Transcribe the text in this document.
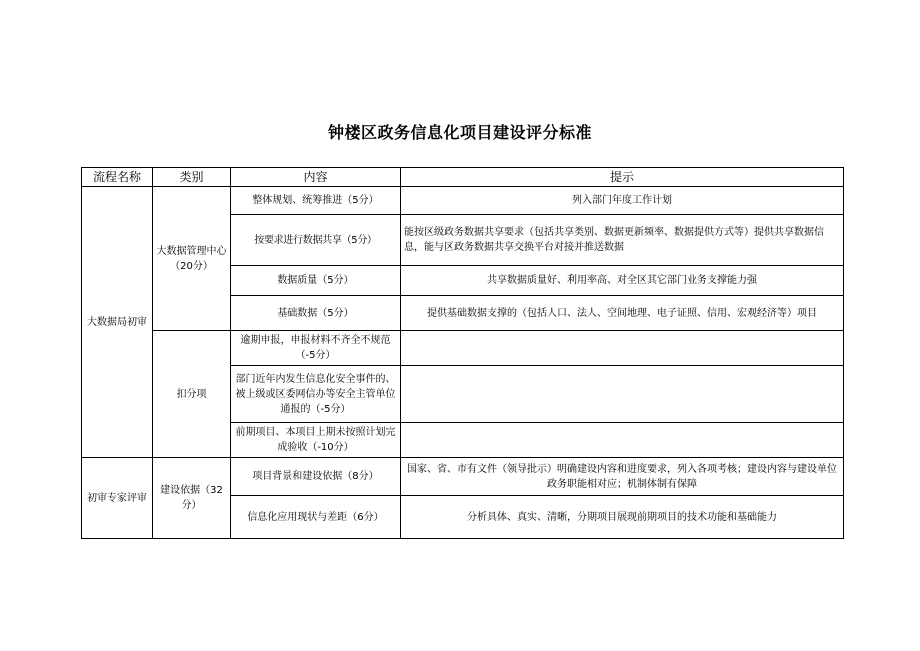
钟楼区政务信息化项目建设评分标准
流程名称	类别	内容	提示
大数据局初审	大数据管理中心（20分）	整体规划、统筹推进（5分）	列入部门年度工作计划
		按要求进行数据共享（5分）	能按区级政务数据共享要求（包括共享类别、数据更新频率、数据提供方式等）提供共享数据信息，能与区政务数据共享交换平台对接并推送数据
		数据质量（5分）	共享数据质量好、利用率高、对全区其它部门业务支撑能力强
		基础数据（5分）	提供基础数据支撑的（包括人口、法人、空间地理、电子证照、信用、宏观经济等）项目
	扣分项	逾期申报，申报材料不齐全不规范（-5分）	
		部门近年内发生信息化安全事件的、被上级或区委网信办等安全主管单位通报的（-5分）	
		前期项目、本项目上期未按照计划完成验收（-10分）	
初审专家评审	建设依据（32分）	项目背景和建设依据（8分）	国家、省、市有文件（领导批示）明确建设内容和进度要求，列入各项考核；建设内容与建设单位政务职能相对应；机制体制有保障
		信息化应用现状与差距（6分）	分析具体、真实、清晰，分期项目展现前期项目的技术功能和基础能力
